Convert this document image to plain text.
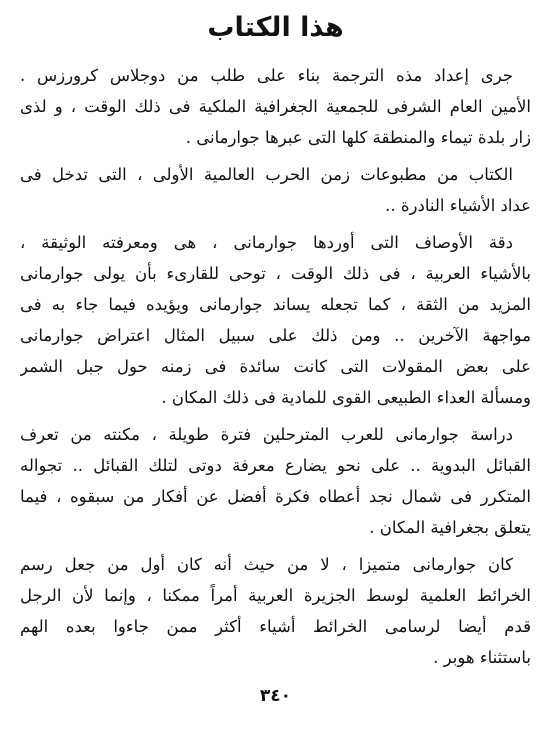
هذا الكتاب
جرى إعداد مذه الترجمة بناء على طلب من دوجلاس كرورزس .
الأمين العام الشرفى للجمعية الجغرافية الملكية فى ذلك الوقت ، و لذى
زار بلدة تيماء والمنطقة كلها التى عبرها جوارمانى .
الكتاب من مطبوعات زمن الحرب العالمية الأولى ، التى تدخل فى
عداد الأشياء النادرة ..
دقة الأوصاف التى أوردها جوارمانى ، هى ومعرفته الوثيقة ،
بالأشياء العربية ، فى ذلك الوقت ، توحى للقارىء بأن يولى جوارمانى
المزيد من الثقة ، كما تجعله يساند جوارمانى ويؤيده فيما جاء به فى
مواجهة الآخرين .. ومن ذلك على سبيل المثال اعتراض جوارمانى
على بعض المقولات التى كانت سائدة فى زمنه حول جبل الشمر
ومسألة العداء الطبيعى القوى للمادية فى ذلك المكان .
دراسة جوارمانى للعرب المترحلين فترة طويلة ، مكنته من تعرف
القبائل البدوية .. على نحو يضارع معرفة دوتى لتلك القبائل .. تجواله
المتكرر فى شمال نجد أعطاه فكرة أفضل عن أفكار من سبقوه ، فيما
يتعلق بجغرافية المكان .
كان جوارمانى متميزا ، لا من حيث أنه كان أول من جعل رسم
الخرائط العلمية لوسط الجزيرة العربية أمراً ممكنا ، وإنما لأن الرجل
قدم أيضا لرسامى الخرائط أشياء أكثر ممن جاءوا بعده الهم
باستثناء هوبر .
٣٤٠
